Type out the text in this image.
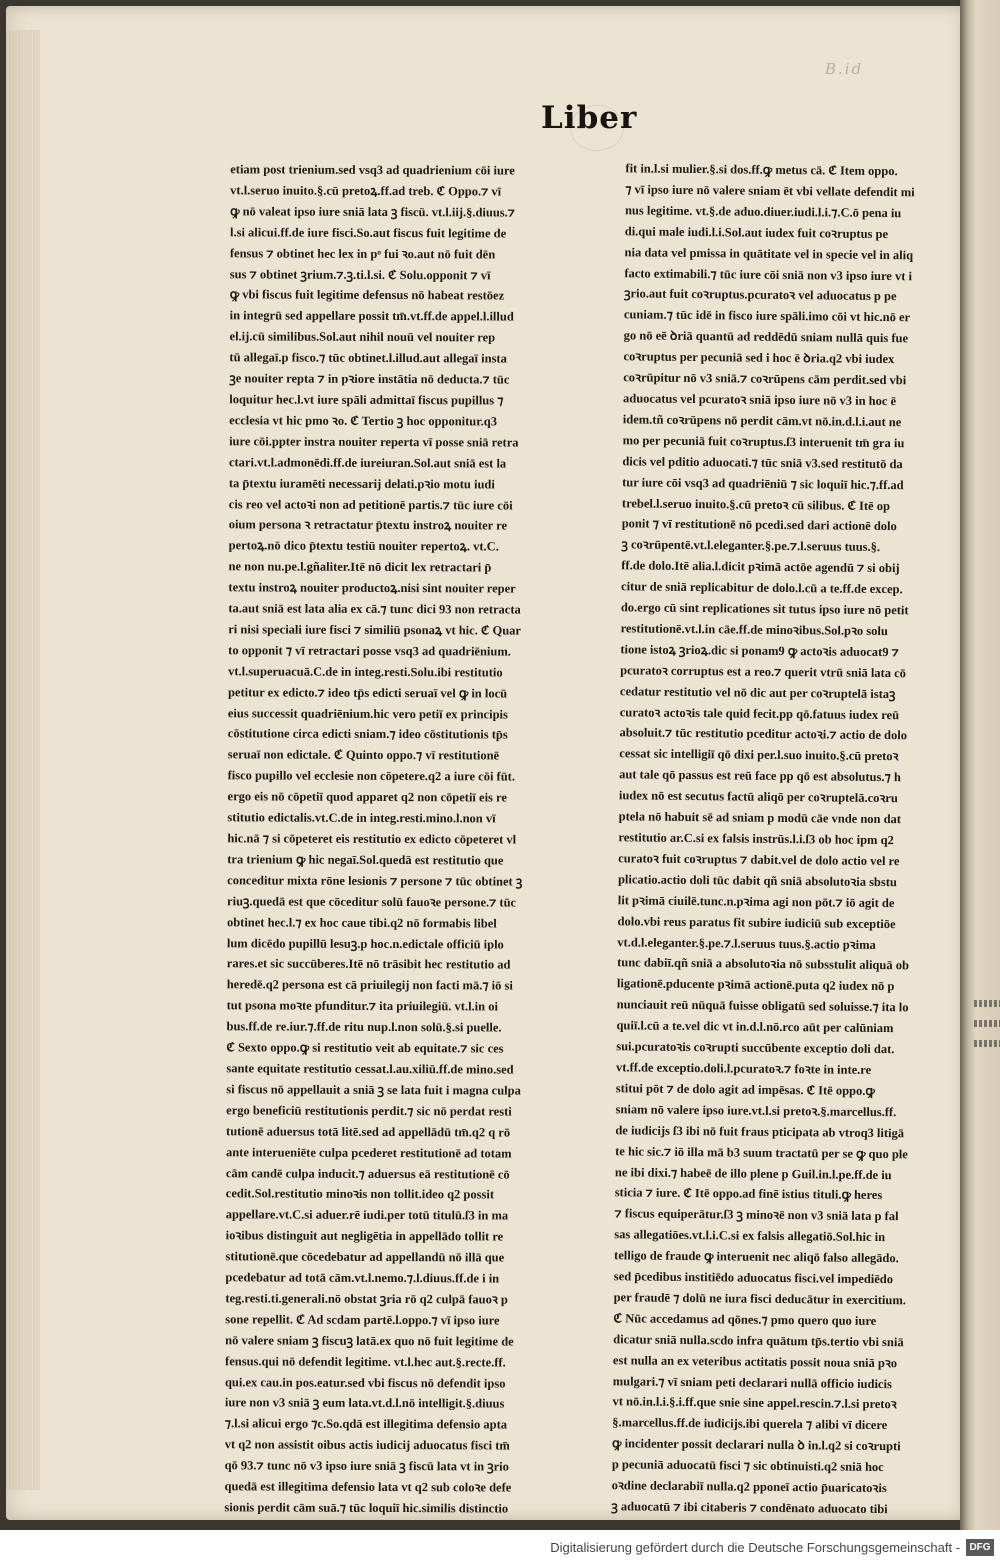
B.id
Liber
etiam post trienium.sed vsq3 ad quadrienium cōi iure
vt.l.seruo inuito.§.cū pretoꝝ.ff.ad treb. ℭ Oppo.⁊ vī
ꝙ nō valeat ipso iure sniā lata ꝫ fiscū. vt.l.iij.§.diuus.⁊
l.si alicui.ff.de iure fisci.So.aut fiscus fuit legitime de
fensus ⁊ obtinet hec lex in pᵒ fui ꝛo.aut nō fuit dēn
sus ⁊ obtinet ꝫrium.⁊.ꝫ.ti.l.si. ℭ Solu.opponit ⁊ vī
ꝙ vbi fiscus fuit legitime defensus nō habeat restōez
in integrū sed appellare possit tm̄.vt.ff.de appel.l.illud
el.ij.cū similibus.Sol.aut nihil nouū vel nouiter rep
tū allegaī.p fisco.⁊ tūc obtinet.l.illud.aut allegaī insta
ꝫe nouiter repta ⁊ in pꝛiore instātia nō deducta.⁊ tūc
loquitur hec.l.vt iure spāli admittaī fiscus pupillus ⁊
ecclesia vt hic pmo ꝛo. ℭ Tertio ꝫ hoc opponitur.q3
iure cōi.ppter instra nouiter reperta vī posse sniā retra
ctari.vt.l.admonēdi.ff.de iureiuran.Sol.aut sniā est la
ta p̄textu iuramēti necessarij delati.pꝛio motu iudi
cis reo vel actoꝛi non ad petitionē partis.⁊ tūc iure cōi
oium persona ꝛ retractatur p̄textu instroꝝ nouiter re
pertoꝝ.nō dico p̄textu testiū nouiter repertoꝝ. vt.C.
ne non nu.pe.l.gñaliter.Itē nō dicit lex retractari p̄
textu instroꝝ nouiter productoꝝ.nisi sint nouiter reper
ta.aut sniā est lata alia ex cā.⁊ tunc dici 93 non retracta
ri nisi speciali iure fisci ⁊ similiū psonaꝝ vt hic. ℭ Quar
to opponit ⁊ vī retractari posse vsq3 ad quadriēnium.
vt.l.superuacuā.C.de in integ.resti.Solu.ibi restitutio
petitur ex edicto.⁊ ideo tp̄s edicti seruaī vel ꝙ in locū
eius successit quadriēnium.hic vero petiī ex principis
cōstitutione circa edicti sniam.⁊ ideo cōstitutionis tp̄s
seruaī non edictale. ℭ Quinto oppo.⁊ vī restitutionē
fisco pupillo vel ecclesie non cōpetere.q2 a iure cōi fūt.
ergo eis nō cōpetiī quod apparet q2 non cōpetiī eis re
stitutio edictalis.vt.C.de in integ.resti.mino.l.non vī
hic.nā ⁊ si cōpeteret eis restitutio ex edicto cōpeteret vl
tra trienium ꝙ hic negaī.Sol.quedā est restitutio que
conceditur mixta rōne lesionis ⁊ persone ⁊ tūc obtinet ꝫ
riuꝫ.quedā est que cōceditur solū fauoꝛe persone.⁊ tūc
obtinet hec.l.⁊ ex hoc caue tibi.q2 nō formabis libel
lum dicēdo pupillū lesuꝫ.p hoc.n.edictale officiū iplo
rares.et sic succūberes.Itē nō trāsibit hec restitutio ad
heredē.q2 persona est cā priuilegij non facti mā.⁊ iō si
tut psona moꝛte pfunditur.⁊ ita priuilegiū. vt.l.in oi
bus.ff.de re.iur.⁊.ff.de ritu nup.l.non solū.§.si puelle.
ℭ Sexto oppo.ꝙ si restitutio veit ab equitate.⁊ sic ces
sante equitate restitutio cessat.l.au.xiliū.ff.de mino.sed
si fiscus nō appellauit a sniā ꝫ se lata fuit i magna culpa
ergo beneficiū restitutionis perdit.⁊ sic nō perdat resti
tutionē aduersus totā litē.sed ad appellādū tm̄.q2 q rō
ante interueniēte culpa pcederet restitutionē ad totam
cām candē culpa inducit.⁊ aduersus eā restitutionē cō
cedit.Sol.restitutio minoꝛis non tollit.ideo q2 possit
appellare.vt.C.si aduer.rē iudi.per totū titulū.ſ3 in ma
ioꝛibus distinguit aut negligētia in appellādo tollit re
stitutionē.que cōcedebatur ad appellandū nō illā que
pcedebatur ad totā cām.vt.l.nemo.⁊.l.diuus.ff.de i in
teg.resti.ti.generali.nō obstat ꝫria rō q2 culpā fauoꝛ p
sone repellit. ℭ Ad scdam partē.l.oppo.⁊ vī ipso iure
nō valere sniam ꝫ fiscuꝫ latā.ex quo nō fuit legitime de
fensus.qui nō defendit legitime. vt.l.hec aut.§.recte.ff.
qui.ex cau.in pos.eatur.sed vbi fiscus nō defendit ipso
iure non v3 sniā ꝫ eum lata.vt.d.l.nō intelligit.§.diuus
⁊.l.si alicui ergo ⁊c.So.qdā est illegitima defensio apta
vt q2 non assistit oibus actis iudicij aduocatus fisci tm̄
qō 93.⁊ tunc nō v3 ipso iure sniā ꝫ fiscū lata vt in ꝫrio
quedā est illegitima defensio lata vt q2 sub coloꝛe defe
sionis perdit cām suā.⁊ tūc loquiī hic.similis distinctio
fit in.l.si mulier.§.si dos.ff.ꝙ metus cā. ℭ Item oppo.
⁊ vī ipso iure nō valere sniam ēt vbi vellate defendit mi
nus legitime. vt.§.de aduo.diuer.iudi.l.i.⁊.C.ō pena iu
di.qui male iudi.l.i.Sol.aut iudex fuit coꝛruptus pe
nia data vel pmissa in quātitate vel in specie vel in aliq
facto extimabili.⁊ tūc iure cōi sniā non v3 ipso iure vt i
ꝫrio.aut fuit coꝛruptus.pcuratoꝛ vel aduocatus p pe
cuniam.⁊ tūc idē in fisco iure spāli.imo cōi vt hic.nō er
go nō eē ꝺriā quantū ad reddēdū sniam nullā quis fue
coꝛruptus per pecuniā sed i hoc ē ꝺria.q2 vbi iudex
coꝛrūpitur nō v3 sniā.⁊ coꝛrūpens cām perdit.sed vbi
aduocatus vel pcuratoꝛ sniā ipso iure nō v3 in hoc ē
idem.tñ coꝛrūpens nō perdit cām.vt nō.in.d.l.i.aut ne
mo per pecuniā fuit coꝛruptus.ſ3 interuenit tm̄ gra iu
dicis vel pditio aduocati.⁊ tūc sniā v3.sed restitutō da
tur iure cōi vsq3 ad quadriēniū ⁊ sic loquiī hic.⁊.ff.ad
trebel.l.seruo inuito.§.cū pretoꝛ cū silibus. ℭ Itē op
ponit ⁊ vī restitutionē nō pcedi.sed dari actionē dolo
ꝫ coꝛrūpentē.vt.l.eleganter.§.pe.⁊.l.seruus tuus.§.
ff.de dolo.Itē alia.l.dicit pꝛimā actōe agendū ⁊ si obij
citur de sniā replicabitur de dolo.l.cū a te.ff.de excep.
do.ergo cū sint replicationes sit tutus ipso iure nō petit
restitutionē.vt.l.in cāe.ff.de minoꝛibus.Sol.pꝛo solu
tione istoꝝ ꝫrioꝝ.dic si ponam9 ꝙ actoꝛis aduocat9 ⁊
pcuratoꝛ corruptus est a reo.⁊ querit vtrū sniā lata cō
cedatur restitutio vel nō dic aut per coꝛruptelā istaꝫ
curatoꝛ actoꝛis tale quid fecit.pp qō.fatuus iudex reū
absoluit.⁊ tūc restitutio pceditur actoꝛi.⁊ actio de dolo
cessat sic intelligiī qō dixi per.l.suo inuito.§.cū pretoꝛ
aut tale qō passus est reū face pp qō est absolutus.⁊ h
iudex nō est secutus factū aliqō per coꝛruptelā.coꝛru
ptela nō habuit sē ad sniam p modū cāe vnde non dat
restitutio ar.C.si ex falsis instrūs.l.i.ſ3 ob hoc ipm q2
curatoꝛ fuit coꝛruptus ⁊ dabit.vel de dolo actio vel re
plicatio.actio doli tūc dabit qñ sniā absolutoꝛia sbstu
lit pꝛimā ciuilē.tunc.n.pꝛima agi non pōt.⁊ iō agit de
dolo.vbi reus paratus fit subire iudiciū sub exceptiōe
vt.d.l.eleganter.§.pe.⁊.l.seruus tuus.§.actio pꝛima
tunc dabiī.qñ sniā a absolutoꝛia nō subsstulit aliquā ob
ligationē.pducente pꝛimā actionē.puta q2 iudex nō p
nunciauit reū nūquā fuisse obligatū sed soluisse.⁊ ita lo
quiī.l.cū a te.vel dic vt in.d.l.nō.rco aūt per calūniam
sui.pcuratoꝛis coꝛrupti succūbente exceptio doli dat.
vt.ff.de exceptio.doli.l.pcuratoꝛ.⁊ foꝛte in inte.re
stitui pōt ⁊ de dolo agit ad impēsas. ℭ Itē oppo.ꝙ
sniam nō valere ipso iure.vt.l.si pretoꝛ.§.marcellus.ff.
de iudicijs ſ3 ibi nō fuit fraus pticipata ab vtroq3 litigā
te hic sic.⁊ iō illa mā b3 suum tractatū per se ꝙ quo ple
ne ibi dixi.⁊ habeē de illo plene p Guil.in.l.pe.ff.de iu
sticia ⁊ iure. ℭ Itē oppo.ad finē istius tituli.ꝙ heres
⁊ fiscus equiperātur.ſ3 ꝫ minoꝛē non v3 sniā lata p fal
sas allegatiōes.vt.l.i.C.si ex falsis allegatiō.Sol.hic in
telligo de fraude ꝙ interuenit nec aliqō falso allegādo.
sed p̄cedibus institiēdo aduocatus fisci.vel impediēdo
per fraudē ⁊ dolū ne iura fisci deducātur in exercitium.
ℭ Nūc accedamus ad qōnes.⁊ pmo quero quo iure
dicatur sniā nulla.scdo infra quātum tp̄s.tertio vbi sniā
est nulla an ex veteribus actitatis possit noua sniā pꝛo
mulgari.⁊ vī sniam peti declarari nullā officio iudicis
vt nō.in.l.i.§.i.ff.que snie sine appel.rescin.⁊.l.si pretoꝛ
§.marcellus.ff.de iudicijs.ibi querela ⁊ alibi vī dicere
ꝙ incidenter possit declarari nulla ꝺ in.l.q2 si coꝛrupti
p pecuniā aduocatū fisci ⁊ sic obtinuisti.q2 sniā hoc
oꝛdine declarabiī nulla.q2 pponeī actio p̄uaricatoꝛis
ꝫ aduocatū ⁊ ibi citaberis ⁊ condēnato aduocato tibi
Digitalisierung gefördert durch die Deutsche Forschungsgemeinschaft - DFG
